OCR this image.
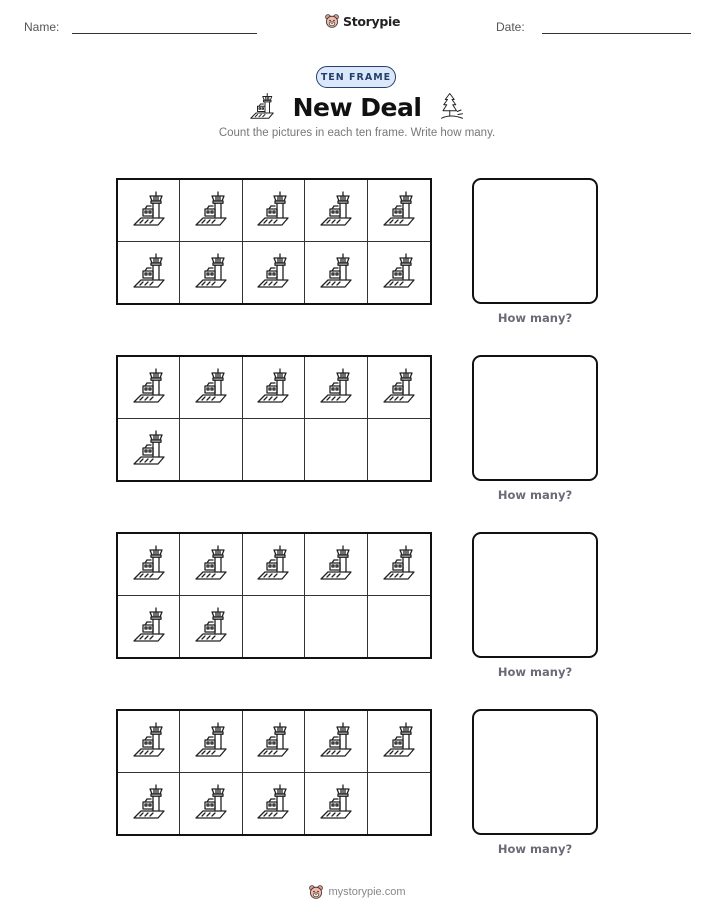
Name:	Storypie	Date:
TEN FRAME
New Deal
Count the pictures in each ten frame. Write how many.
How many?
How many?
How many?
How many?
mystorypie.com
